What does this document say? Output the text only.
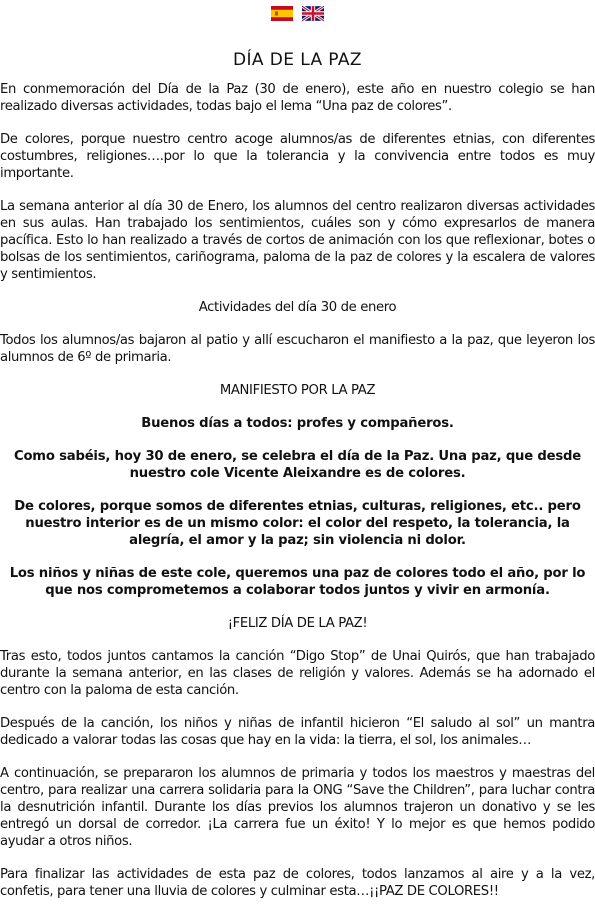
DÍA DE LA PAZ

En conmemoración del Día de la Paz (30 de enero), este año en nuestro colegio se han realizado diversas actividades, todas bajo el lema “Una paz de colores”.

De colores, porque nuestro centro acoge alumnos/as de diferentes etnias, con diferentes costumbres, religiones….por lo que la tolerancia y la convivencia entre todos es muy importante.

La semana anterior al día 30 de Enero, los alumnos del centro realizaron diversas actividades en sus aulas. Han trabajado los sentimientos, cuáles son y cómo expresarlos de manera pacífica. Esto lo han realizado a través de cortos de animación con los que reflexionar, botes o bolsas de los sentimientos, cariñograma, paloma de la paz de colores y la escalera de valores y sentimientos.

Actividades del día 30 de enero

Todos los alumnos/as bajaron al patio y allí escucharon el manifiesto a la paz, que leyeron los alumnos de 6º de primaria.

MANIFIESTO POR LA PAZ

Buenos días a todos: profes y compañeros.

Como sabéis, hoy 30 de enero, se celebra el día de la Paz. Una paz, que desde nuestro cole Vicente Aleixandre es de colores.

De colores, porque somos de diferentes etnias, culturas, religiones, etc.. pero nuestro interior es de un mismo color: el color del respeto, la tolerancia, la alegría, el amor y la paz; sin violencia ni dolor.

Los niños y niñas de este cole, queremos una paz de colores todo el año, por lo que nos comprometemos a colaborar todos juntos y vivir en armonía.

¡FELIZ DÍA DE LA PAZ!

Tras esto, todos juntos cantamos la canción “Digo Stop” de Unai Quirós, que han trabajado durante la semana anterior, en las clases de religión y valores. Además se ha adornado el centro con la paloma de esta canción.

Después de la canción, los niños y niñas de infantil hicieron “El saludo al sol” un mantra dedicado a valorar todas las cosas que hay en la vida: la tierra, el sol, los animales…

A continuación, se prepararon los alumnos de primaria y todos los maestros y maestras del centro, para realizar una carrera solidaria para la ONG “Save the Children”, para luchar contra la desnutrición infantil. Durante los días previos los alumnos trajeron un donativo y se les entregó un dorsal de corredor. ¡La carrera fue un éxito! Y lo mejor es que hemos podido ayudar a otros niños.

Para finalizar las actividades de esta paz de colores, todos lanzamos al aire y a la vez, confetis, para tener una lluvia de colores y culminar esta…¡¡PAZ DE COLORES!!
